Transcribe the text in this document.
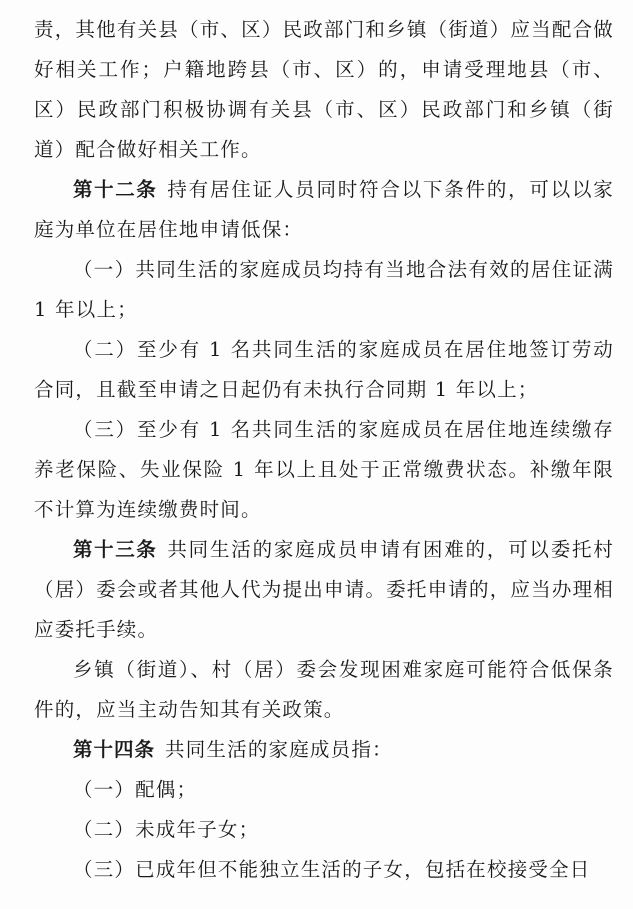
责，其他有关县（市、区）民政部门和乡镇（街道）应当配合做好相关工作；户籍地跨县（市、区）的，申请受理地县（市、区）民政部门积极协调有关县（市、区）民政部门和乡镇（街道）配合做好相关工作。

第十二条 持有居住证人员同时符合以下条件的，可以以家庭为单位在居住地申请低保：

（一）共同生活的家庭成员均持有当地合法有效的居住证满 1 年以上；

（二）至少有 1 名共同生活的家庭成员在居住地签订劳动合同，且截至申请之日起仍有未执行合同期 1 年以上；

（三）至少有 1 名共同生活的家庭成员在居住地连续缴存养老保险、失业保险 1 年以上且处于正常缴费状态。补缴年限不计算为连续缴费时间。

第十三条 共同生活的家庭成员申请有困难的，可以委托村（居）委会或者其他人代为提出申请。委托申请的，应当办理相应委托手续。

乡镇（街道）、村（居）委会发现困难家庭可能符合低保条件的，应当主动告知其有关政策。

第十四条 共同生活的家庭成员指：

（一）配偶；

（二）未成年子女；

（三）已成年但不能独立生活的子女，包括在校接受全日
